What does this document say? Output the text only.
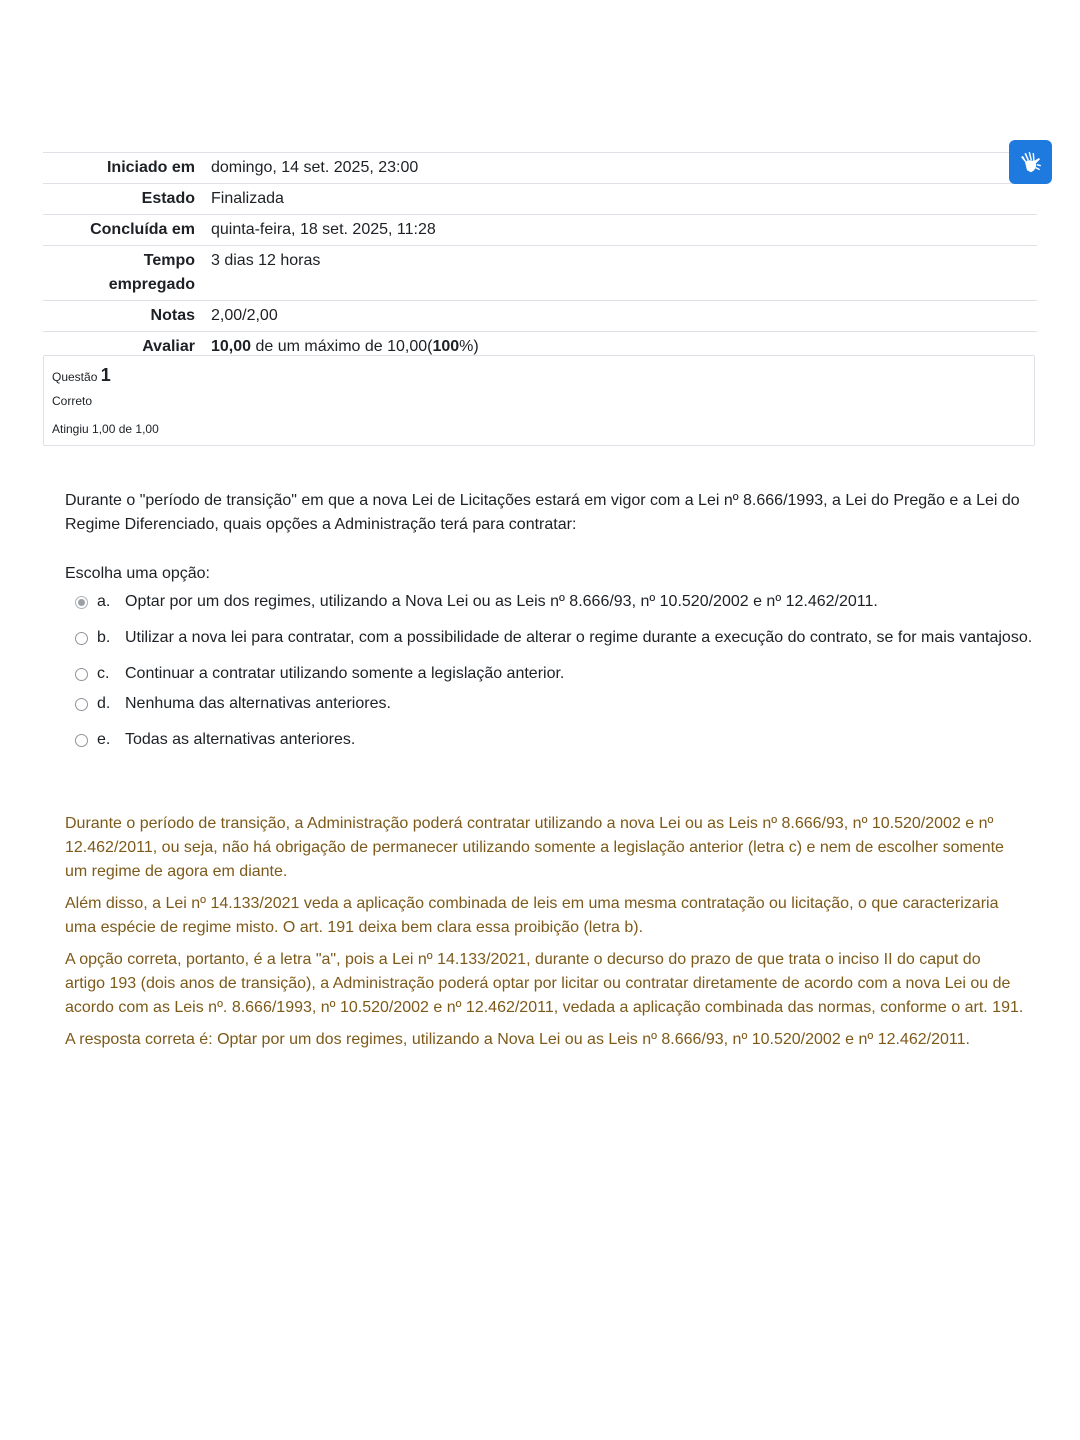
Iniciado em	domingo, 14 set. 2025, 23:00
Estado	Finalizada
Concluída em	quinta-feira, 18 set. 2025, 11:28
Tempo empregado	3 dias 12 horas
Notas	2,00/2,00
Avaliar	10,00 de um máximo de 10,00(100%)
Questão 1
Correto
Atingiu 1,00 de 1,00
Durante o "período de transição" em que a nova Lei de Licitações estará em vigor com a Lei nº 8.666/1993, a Lei do Pregão e a Lei do Regime Diferenciado, quais opções a Administração terá para contratar:
Escolha uma opção:
a. Optar por um dos regimes, utilizando a Nova Lei ou as Leis nº 8.666/93, nº 10.520/2002 e nº 12.462/2011.
b. Utilizar a nova lei para contratar, com a possibilidade de alterar o regime durante a execução do contrato, se for mais vantajoso.
c. Continuar a contratar utilizando somente a legislação anterior.
d. Nenhuma das alternativas anteriores.
e. Todas as alternativas anteriores.

Durante o período de transição, a Administração poderá contratar utilizando a nova Lei ou as Leis nº 8.666/93, nº 10.520/2002 e nº 12.462/2011, ou seja, não há obrigação de permanecer utilizando somente a legislação anterior (letra c) e nem de escolher somente um regime de agora em diante.

Além disso, a Lei nº 14.133/2021 veda a aplicação combinada de leis em uma mesma contratação ou licitação, o que caracterizaria uma espécie de regime misto. O art. 191 deixa bem clara essa proibição (letra b).

A opção correta, portanto, é a letra "a", pois a Lei nº 14.133/2021, durante o decurso do prazo de que trata o inciso II do caput do artigo 193 (dois anos de transição), a Administração poderá optar por licitar ou contratar diretamente de acordo com a nova Lei ou de acordo com as Leis nº. 8.666/1993, nº 10.520/2002 e nº 12.462/2011, vedada a aplicação combinada das normas, conforme o art. 191.

A resposta correta é: Optar por um dos regimes, utilizando a Nova Lei ou as Leis nº 8.666/93, nº 10.520/2002 e nº 12.462/2011.
